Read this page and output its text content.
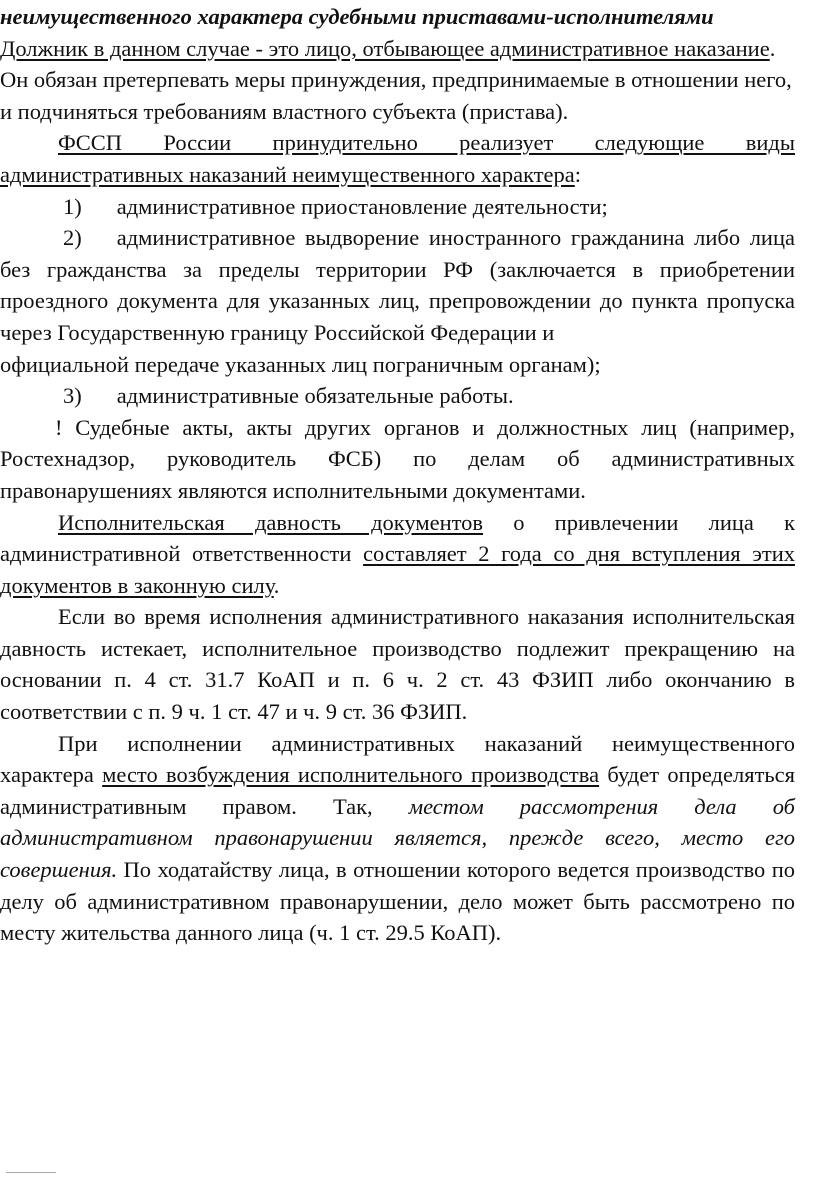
неимущественного характера судебными приставами-исполнителями

Должник в данном случае - это лицо, отбывающее административное наказание. Он обязан претерпевать меры принуждения, предпринимаемые в отношении него, и подчиняться требованиям властного субъекта (пристава).

ФССП России принудительно реализует следующие виды административных наказаний неимущественного характера:

1) административное приостановление деятельности;

2) административное выдворение иностранного гражданина либо лица без гражданства за пределы территории РФ (заключается в приобретении проездного документа для указанных лиц, препровождении до пункта пропуска через Государственную границу Российской Федерации и

официальной передаче указанных лиц пограничным органам);

3) административные обязательные работы.

! Судебные акты, акты других органов и должностных лиц (например, Ростехнадзор, руководитель ФСБ) по делам об административных правонарушениях являются исполнительными документами.

Исполнительская давность документов о привлечении лица к административной ответственности составляет 2 года со дня вступления этих документов в законную силу.

Если во время исполнения административного наказания исполнительская давность истекает, исполнительное производство подлежит прекращению на основании п. 4 ст. 31.7 КоАП и п. 6 ч. 2 ст. 43 ФЗИП либо окончанию в соответствии с п. 9 ч. 1 ст. 47 и ч. 9 ст. 36 ФЗИП.

При исполнении административных наказаний неимущественного характера место возбуждения исполнительного производства будет определяться административным правом. Так, местом рассмотрения дела об административном правонарушении является, прежде всего, место его совершения. По ходатайству лица, в отношении которого ведется производство по делу об административном правонарушении, дело может быть рассмотрено по месту жительства данного лица (ч. 1 ст. 29.5 КоАП).
